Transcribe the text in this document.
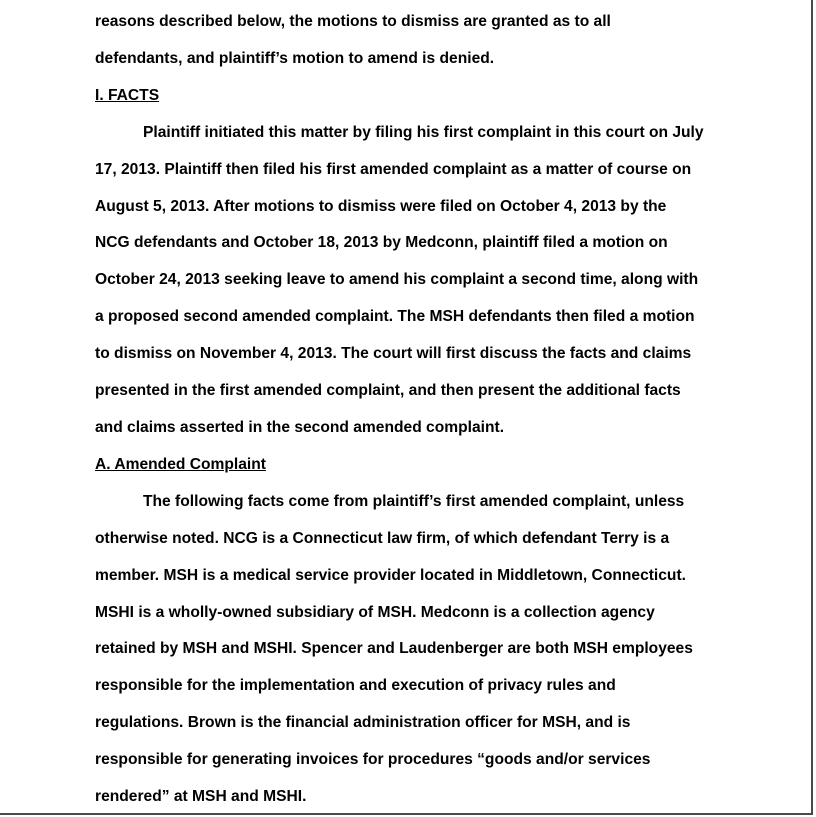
reasons described below, the motions to dismiss are granted as to all
defendants, and plaintiff’s motion to amend is denied.

I. FACTS

Plaintiff initiated this matter by filing his first complaint in this court on July
17, 2013. Plaintiff then filed his first amended complaint as a matter of course on
August 5, 2013. After motions to dismiss were filed on October 4, 2013 by the
NCG defendants and October 18, 2013 by Medconn, plaintiff filed a motion on
October 24, 2013 seeking leave to amend his complaint a second time, along with
a proposed second amended complaint. The MSH defendants then filed a motion
to dismiss on November 4, 2013. The court will first discuss the facts and claims
presented in the first amended complaint, and then present the additional facts
and claims asserted in the second amended complaint.

A. Amended Complaint

The following facts come from plaintiff’s first amended complaint, unless
otherwise noted. NCG is a Connecticut law firm, of which defendant Terry is a
member. MSH is a medical service provider located in Middletown, Connecticut.
MSHI is a wholly-owned subsidiary of MSH. Medconn is a collection agency
retained by MSH and MSHI. Spencer and Laudenberger are both MSH employees
responsible for the implementation and execution of privacy rules and
regulations. Brown is the financial administration officer for MSH, and is
responsible for generating invoices for procedures “goods and/or services
rendered” at MSH and MSHI.
